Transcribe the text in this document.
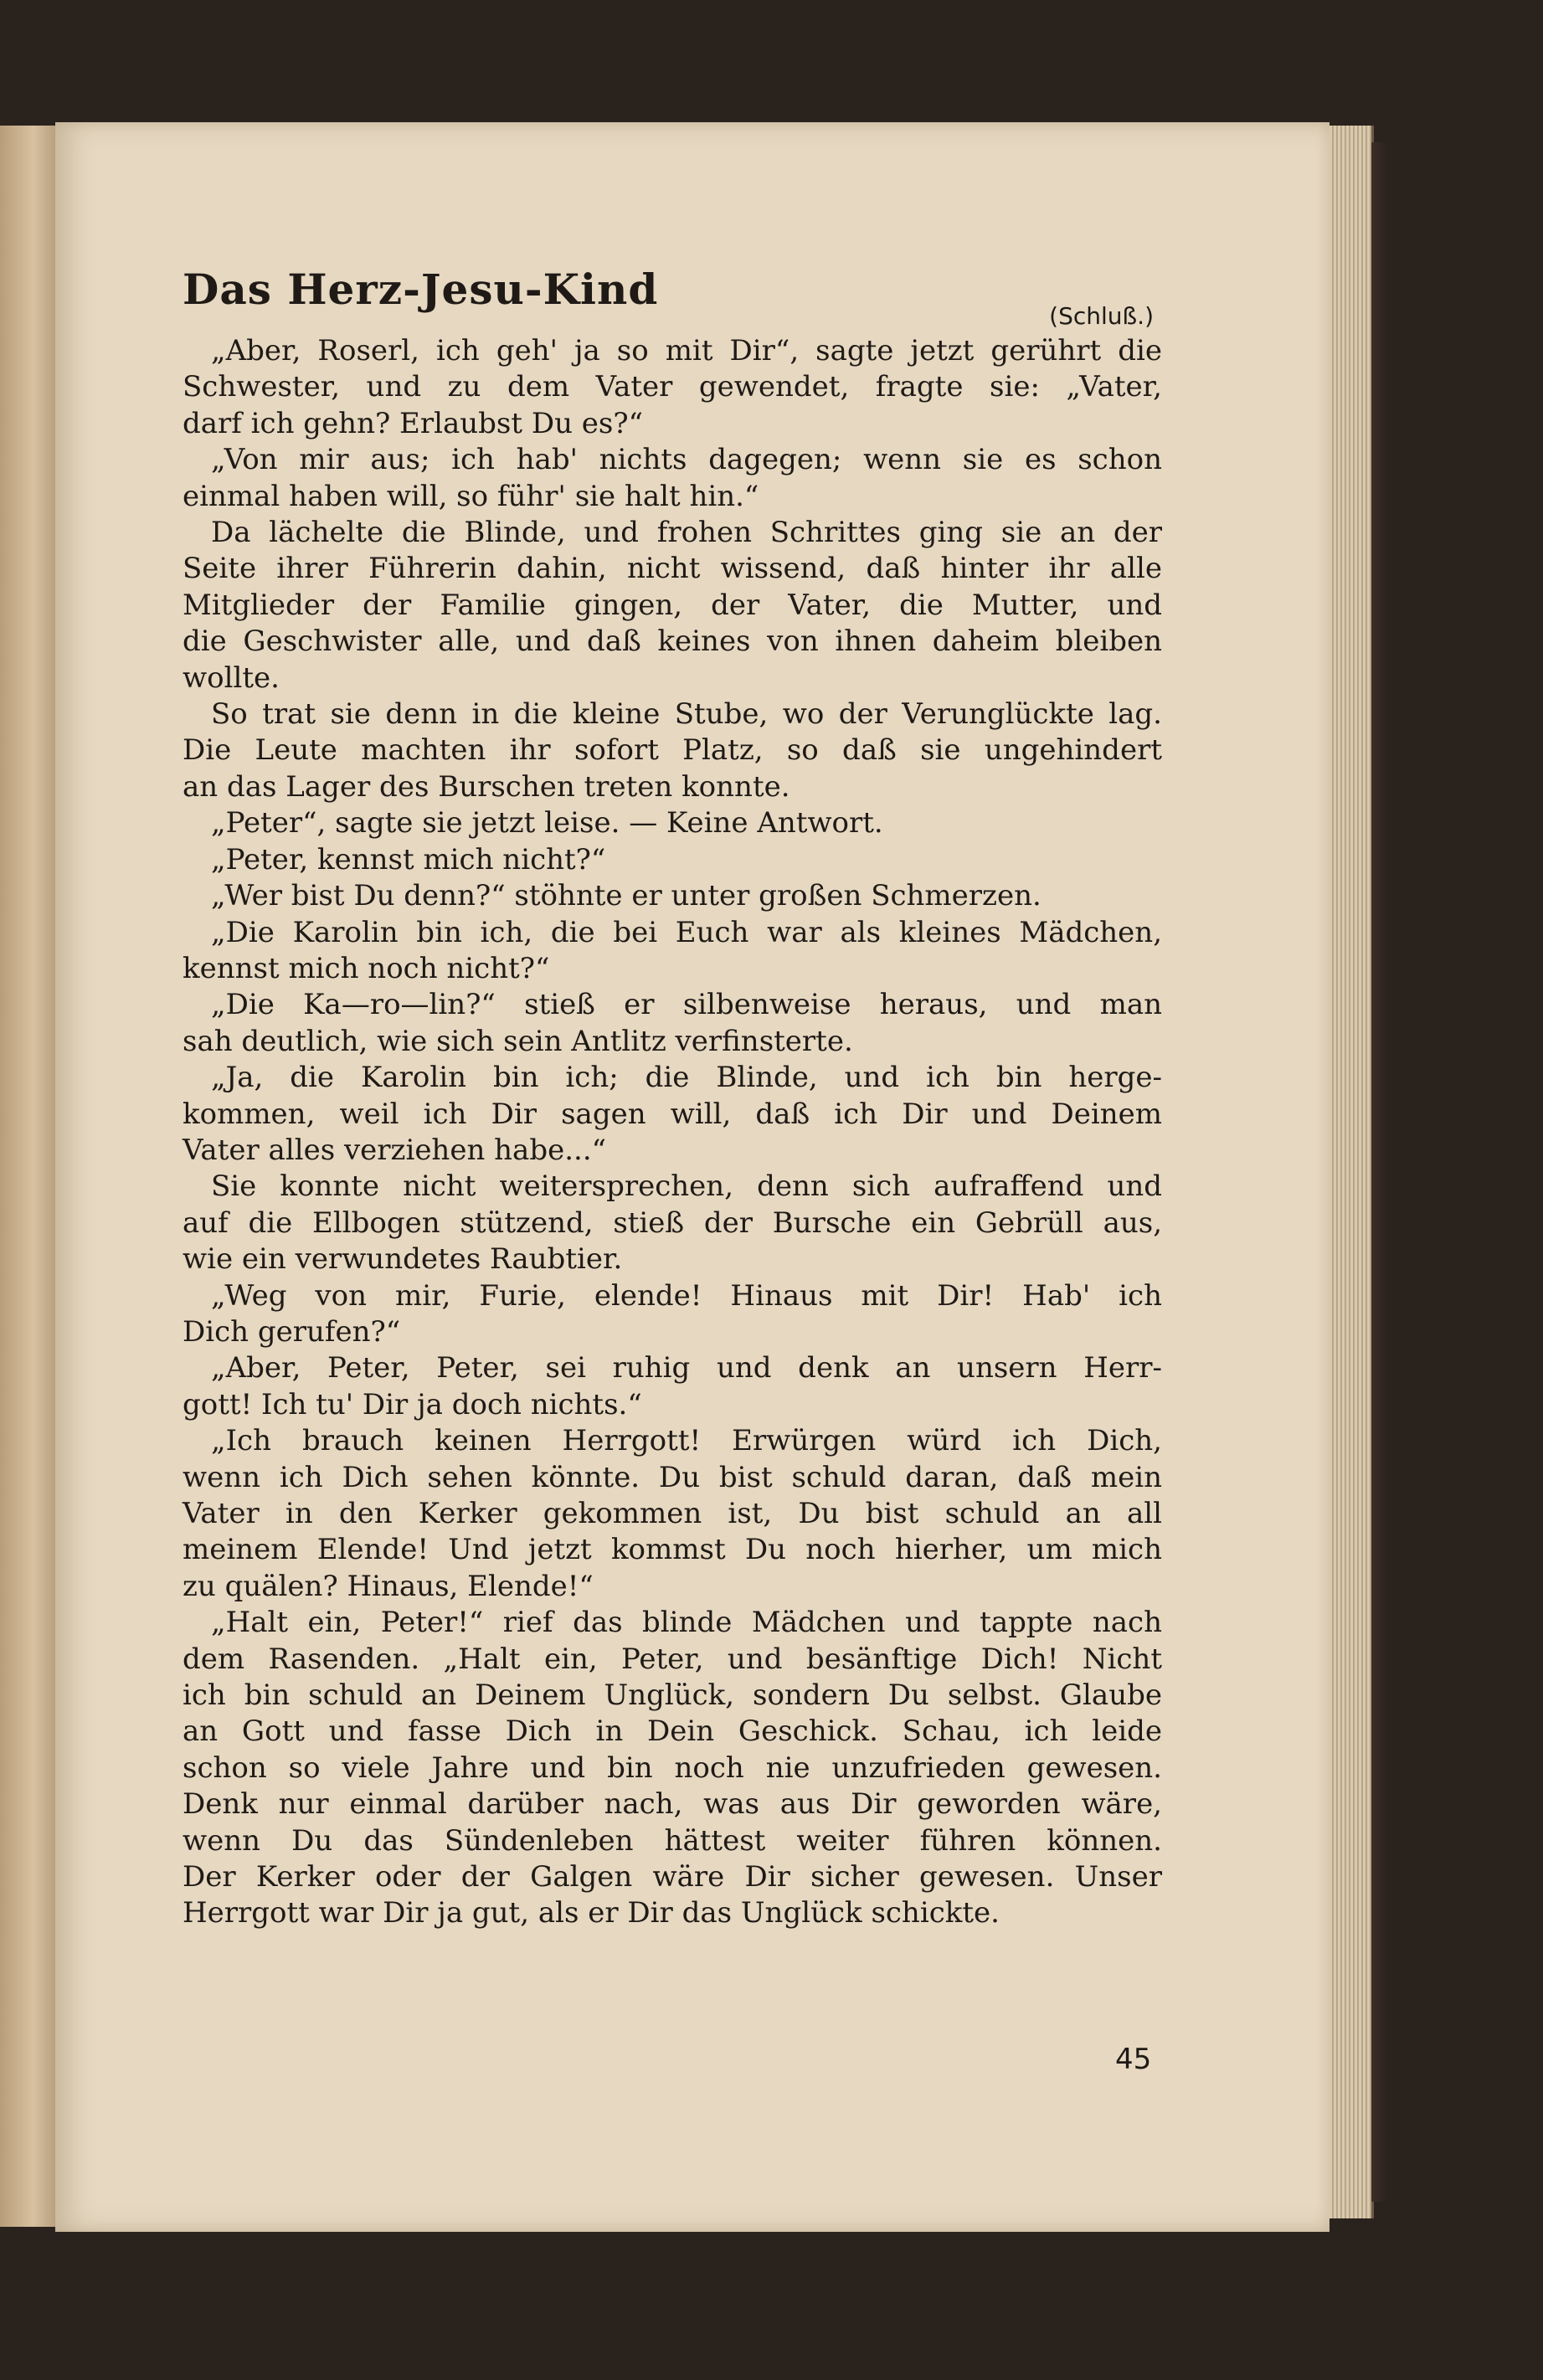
Das Herz-Jesu-Kind
(Schluß.)
„Aber, Roserl, ich geh' ja so mit Dir“, sagte jetzt gerührt die
Schwester, und zu dem Vater gewendet, fragte sie: „Vater,
darf ich gehn? Erlaubst Du es?“
„Von mir aus; ich hab' nichts dagegen; wenn sie es schon
einmal haben will, so führ' sie halt hin.“
Da lächelte die Blinde, und frohen Schrittes ging sie an der
Seite ihrer Führerin dahin, nicht wissend, daß hinter ihr alle
Mitglieder der Familie gingen, der Vater, die Mutter, und
die Geschwister alle, und daß keines von ihnen daheim bleiben
wollte.
So trat sie denn in die kleine Stube, wo der Verunglückte lag.
Die Leute machten ihr sofort Platz, so daß sie ungehindert
an das Lager des Burschen treten konnte.
„Peter“, sagte sie jetzt leise. — Keine Antwort.
„Peter, kennst mich nicht?“
„Wer bist Du denn?“ stöhnte er unter großen Schmerzen.
„Die Karolin bin ich, die bei Euch war als kleines Mädchen,
kennst mich noch nicht?“
„Die Ka—ro—lin?“ stieß er silbenweise heraus, und man
sah deutlich, wie sich sein Antlitz verfinsterte.
„Ja, die Karolin bin ich; die Blinde, und ich bin herge-
kommen, weil ich Dir sagen will, daß ich Dir und Deinem
Vater alles verziehen habe...“
Sie konnte nicht weitersprechen, denn sich aufraffend und
auf die Ellbogen stützend, stieß der Bursche ein Gebrüll aus,
wie ein verwundetes Raubtier.
„Weg von mir, Furie, elende! Hinaus mit Dir! Hab' ich
Dich gerufen?“
„Aber, Peter, Peter, sei ruhig und denk an unsern Herr-
gott! Ich tu' Dir ja doch nichts.“
„Ich brauch keinen Herrgott! Erwürgen würd ich Dich,
wenn ich Dich sehen könnte. Du bist schuld daran, daß mein
Vater in den Kerker gekommen ist, Du bist schuld an all
meinem Elende! Und jetzt kommst Du noch hierher, um mich
zu quälen? Hinaus, Elende!“
„Halt ein, Peter!“ rief das blinde Mädchen und tappte nach
dem Rasenden. „Halt ein, Peter, und besänftige Dich! Nicht
ich bin schuld an Deinem Unglück, sondern Du selbst. Glaube
an Gott und fasse Dich in Dein Geschick. Schau, ich leide
schon so viele Jahre und bin noch nie unzufrieden gewesen.
Denk nur einmal darüber nach, was aus Dir geworden wäre,
wenn Du das Sündenleben hättest weiter führen können.
Der Kerker oder der Galgen wäre Dir sicher gewesen. Unser
Herrgott war Dir ja gut, als er Dir das Unglück schickte.
45
